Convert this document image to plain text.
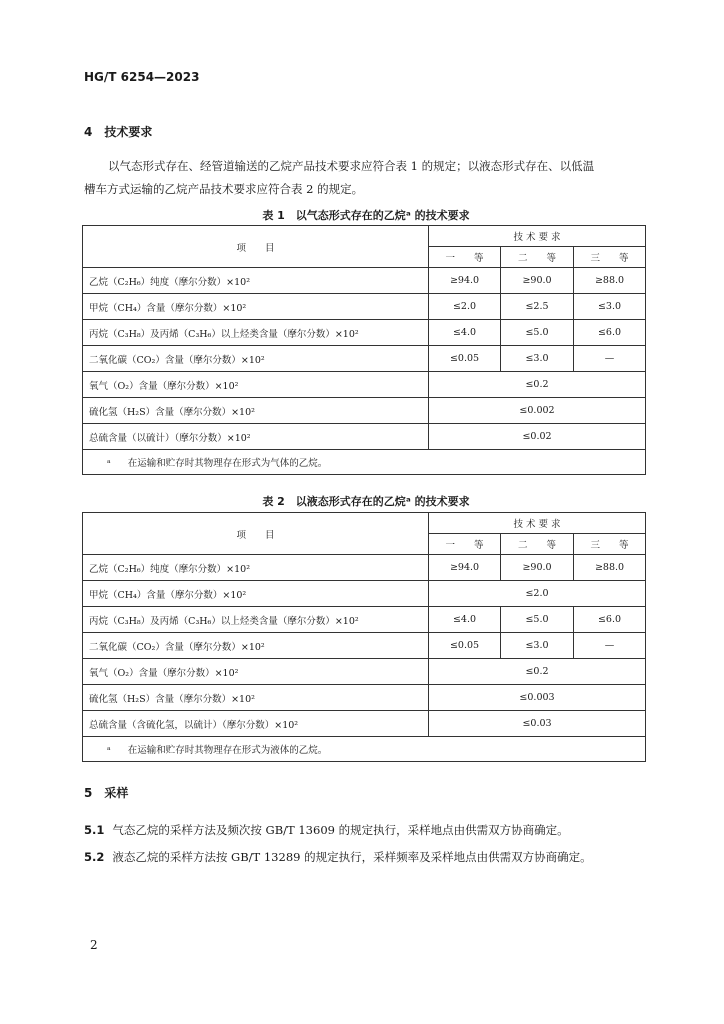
HG/T 6254—2023
4　技术要求
以气态形式存在、经管道输送的乙烷产品技术要求应符合表 1 的规定；以液态形式存在、以低温
槽车方式运输的乙烷产品技术要求应符合表 2 的规定。
表 1　以气态形式存在的乙烷ᵃ 的技术要求
项　　目	技 术 要 求		
	一　　等	二　　等	三　　等
乙烷（C₂H₆）纯度（摩尔分数）×10²	≥94.0	≥90.0	≥88.0
甲烷（CH₄）含量（摩尔分数）×10²	≤2.0	≤2.5	≤3.0
丙烷（C₃H₈）及丙烯（C₃H₆）以上烃类含量（摩尔分数）×10²	≤4.0	≤5.0	≤6.0
二氧化碳（CO₂）含量（摩尔分数）×10²	≤0.05	≤3.0	—
氧气（O₂）含量（摩尔分数）×10²	≤0.2		
硫化氢（H₂S）含量（摩尔分数）×10²	≤0.002		
总硫含量（以硫计）（摩尔分数）×10²	≤0.02		
ᵃ 在运输和贮存时其物理存在形式为气体的乙烷。			
表 2　以液态形式存在的乙烷ᵃ 的技术要求
项　　目	技 术 要 求		
	一　　等	二　　等	三　　等
乙烷（C₂H₆）纯度（摩尔分数）×10²	≥94.0	≥90.0	≥88.0
甲烷（CH₄）含量（摩尔分数）×10²	≤2.0		
丙烷（C₃H₈）及丙烯（C₃H₆）以上烃类含量（摩尔分数）×10²	≤4.0	≤5.0	≤6.0
二氧化碳（CO₂）含量（摩尔分数）×10²	≤0.05	≤3.0	—
氧气（O₂）含量（摩尔分数）×10²	≤0.2		
硫化氢（H₂S）含量（摩尔分数）×10²	≤0.003		
总硫含量（含硫化氢，以硫计）（摩尔分数）×10²	≤0.03		
ᵃ 在运输和贮存时其物理存在形式为液体的乙烷。			
5　采样
5.1 气态乙烷的采样方法及频次按 GB/T 13609 的规定执行，采样地点由供需双方协商确定。
5.2 液态乙烷的采样方法按 GB/T 13289 的规定执行，采样频率及采样地点由供需双方协商确定。
2
